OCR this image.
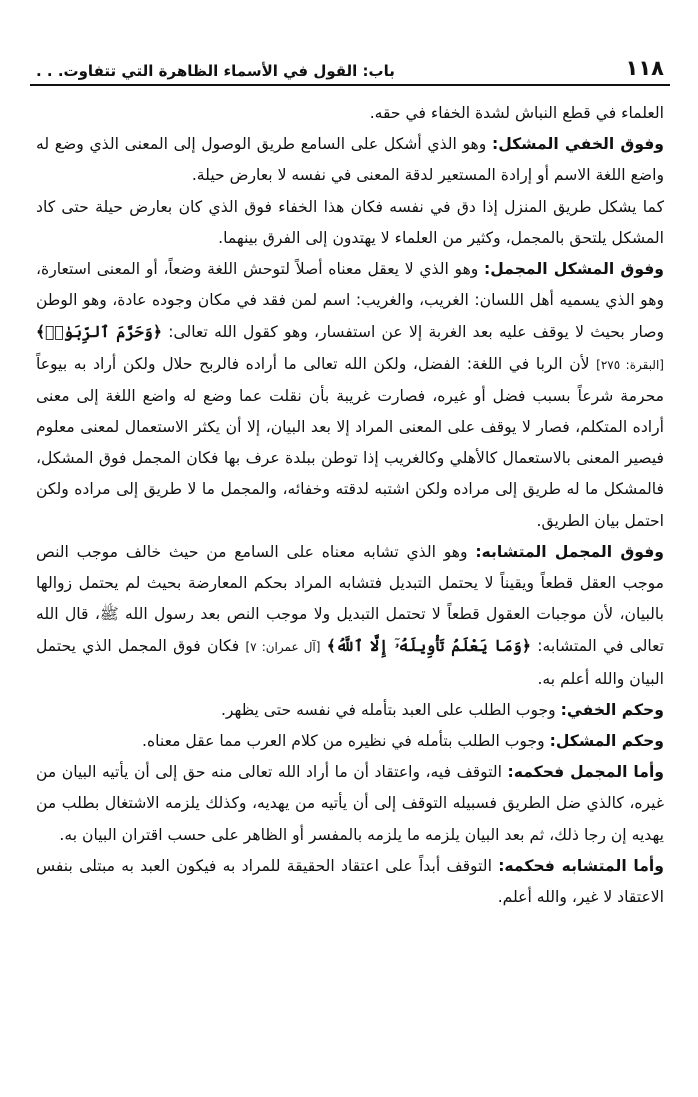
١١٨
باب: القول في الأسماء الظاهرة التي تتفاوت. . .

العلماء في قطع النباش لشدة الخفاء في حقه.

وفوق الخفي المشكل: وهو الذي أشكل على السامع طريق الوصول إلى المعنى الذي وضع له واضع اللغة الاسم أو إرادة المستعير لدقة المعنى في نفسه لا بعارض حيلة.

كما يشكل طريق المنزل إذا دق في نفسه فكان هذا الخفاء فوق الذي كان بعارض حيلة حتى كاد المشكل يلتحق بالمجمل، وكثير من العلماء لا يهتدون إلى الفرق بينهما.

وفوق المشكل المجمل: وهو الذي لا يعقل معناه أصلاً لتوحش اللغة وضعاً، أو المعنى استعارة، وهو الذي يسميه أهل اللسان: الغريب، والغريب: اسم لمن فقد في مكان وجوده عادة، وهو الوطن وصار بحيث لا يوقف عليه بعد الغربة إلا عن استفسار، وهو كقول الله تعالى: ﴿وَحَرَّمَ ٱلرِّبَوٰا۟﴾ [البقرة: ٢٧٥] لأن الربا في اللغة: الفضل، ولكن الله تعالى ما أراده فالربح حلال ولكن أراد به بيوعاً محرمة شرعاً بسبب فضل أو غيره، فصارت غريبة بأن نقلت عما وضع له واضع اللغة إلى معنى أراده المتكلم، فصار لا يوقف على المعنى المراد إلا بعد البيان، إلا أن يكثر الاستعمال لمعنى معلوم فيصير المعنى بالاستعمال كالأهلي وكالغريب إذا توطن ببلدة عرف بها فكان المجمل فوق المشكل، فالمشكل ما له طريق إلى مراده ولكن اشتبه لدقته وخفائه، والمجمل ما لا طريق إلى مراده ولكن احتمل بيان الطريق.

وفوق المجمل المتشابه: وهو الذي تشابه معناه على السامع من حيث خالف موجب النص موجب العقل قطعاً ويقيناً لا يحتمل التبديل فتشابه المراد بحكم المعارضة بحيث لم يحتمل زوالها بالبيان، لأن موجبات العقول قطعاً لا تحتمل التبديل ولا موجب النص بعد رسول الله ﷺ، قال الله تعالى في المتشابه: ﴿وَمَا يَعْلَمُ تَأْوِيلَهُۥٓ إِلَّا ٱللَّهُ﴾ [آل عمران: ٧] فكان فوق المجمل الذي يحتمل البيان والله أعلم به.

وحكم الخفي: وجوب الطلب على العبد بتأمله في نفسه حتى يظهر.

وحكم المشكل: وجوب الطلب بتأمله في نظيره من كلام العرب مما عقل معناه.

وأما المجمل فحكمه: التوقف فيه، واعتقاد أن ما أراد الله تعالى منه حق إلى أن يأتيه البيان من غيره، كالذي ضل الطريق فسبيله التوقف إلى أن يأتيه من يهديه، وكذلك يلزمه الاشتغال بطلب من يهديه إن رجا ذلك، ثم بعد البيان يلزمه ما يلزمه بالمفسر أو الظاهر على حسب اقتران البيان به.

وأما المتشابه فحكمه: التوقف أبداً على اعتقاد الحقيقة للمراد به فيكون العبد به مبتلى بنفس الاعتقاد لا غير، والله أعلم.
